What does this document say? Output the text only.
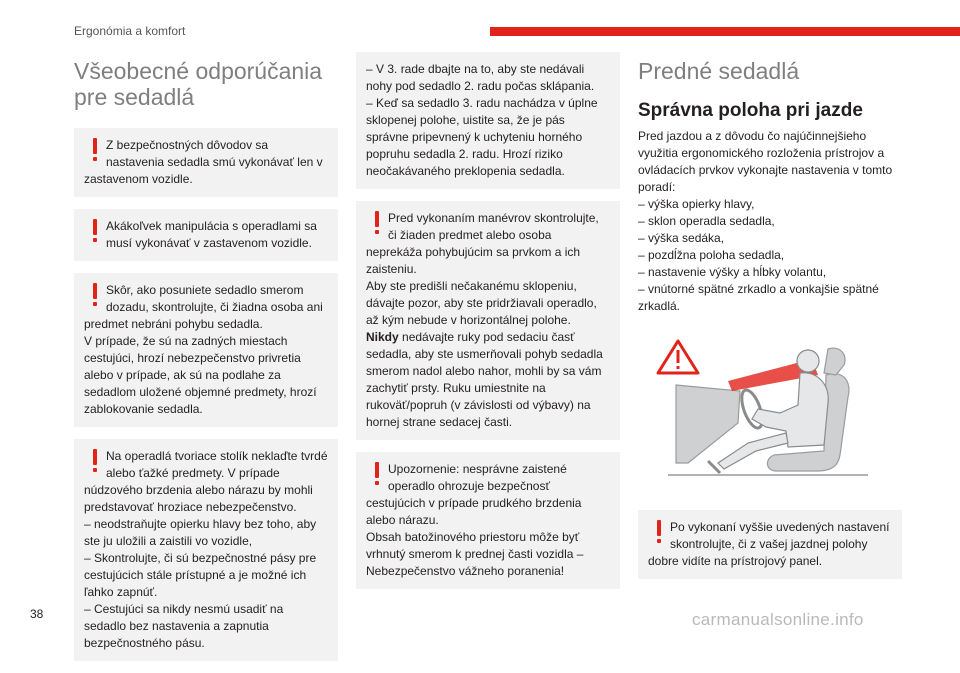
Ergonómia a komfort
Všeobecné odporúčania pre sedadlá
Z bezpečnostných dôvodov sa nastavenia sedadla smú vykonávať len v
zastavenom vozidle.
Akákoľvek manipulácia s operadlami sa musí vykonávať v zastavenom vozidle.
Skôr, ako posuniete sedadlo smerom dozadu, skontrolujte, či žiadna osoba ani
predmet nebráni pohybu sedadla.
V prípade, že sú na zadných miestach cestujúci, hrozí nebezpečenstvo privretia alebo v prípade, ak sú na podlahe za sedadlom uložené objemné predmety, hrozí zablokovanie sedadla.
Na operadlá tvoriace stolík neklaďte tvrdé alebo ťažké predmety. V prípade
núdzového brzdenia alebo nárazu by mohli predstavovať hroziace nebezpečenstvo.
– neodstraňujte opierku hlavy bez toho, aby ste ju uložili a zaistili vo vozidle,
– Skontrolujte, či sú bezpečnostné pásy pre cestujúcich stále prístupné a je možné ich ľahko zapnúť.
– Cestujúci sa nikdy nesmú usadiť na sedadlo bez nastavenia a zapnutia bezpečnostného pásu.
– V 3. rade dbajte na to, aby ste nedávali nohy pod sedadlo 2. radu počas sklápania.
– Keď sa sedadlo 3. radu nachádza v úplne sklopenej polohe, uistite sa, že je pás správne pripevnený k uchyteniu horného popruhu sedadla 2. radu. Hrozí riziko neočakávaného preklopenia sedadla.
Pred vykonaním manévrov skontrolujte, či žiaden predmet alebo osoba
neprekáža pohybujúcim sa prvkom a ich zaisteniu.
Aby ste predišli nečakanému sklopeniu, dávajte pozor, aby ste pridržiavali operadlo, až kým nebude v horizontálnej polohe.
Nikdy nedávajte ruky pod sedaciu časť sedadla, aby ste usmerňovali pohyb sedadla smerom nadol alebo nahor, mohli by sa vám zachytiť prsty. Ruku umiestnite na rukoväť/popruh (v závislosti od výbavy) na hornej strane sedacej časti.
Upozornenie: nesprávne zaistené operadlo ohrozuje bezpečnosť
cestujúcich v prípade prudkého brzdenia alebo nárazu.
Obsah batožinového priestoru môže byť vrhnutý smerom k prednej časti vozidla – Nebezpečenstvo vážneho poranenia!
Predné sedadlá
Správna poloha pri jazde
Pred jazdou a z dôvodu čo najúčinnejšieho využitia ergonomického rozloženia prístrojov a ovládacích prvkov vykonajte nastavenia v tomto poradí:
– výška opierky hlavy,
– sklon operadla sedadla,
– výška sedáka,
– pozdĺžna poloha sedadla,
– nastavenie výšky a hĺbky volantu,
– vnútorné spätné zrkadlo a vonkajšie spätné zrkadlá.
Po vykonaní vyššie uvedených nastavení skontrolujte, či z vašej jazdnej polohy
dobre vidíte na prístrojový panel.
38	carmanualsonline.info
